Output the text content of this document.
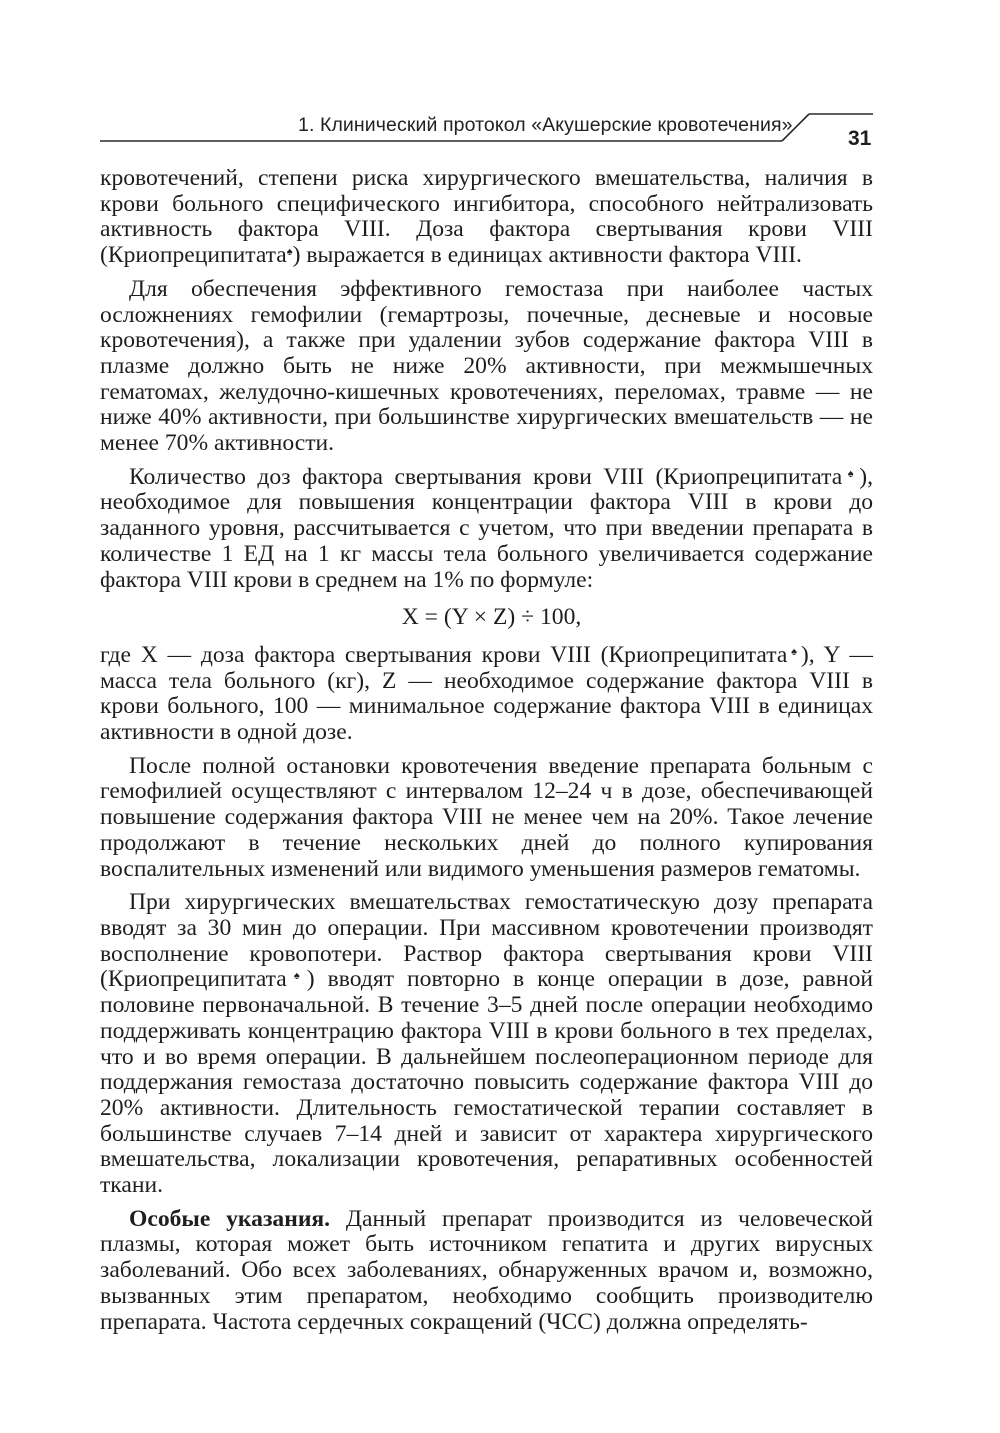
1. Клинический протокол «Акушерские кровотечения»
31

кровотечений, степени риска хирургического вмешательства, наличия в крови больного специфического ингибитора, способного нейтрализовать активность фактора VIII. Доза фактора свертывания крови VIII (Криопреципитата♠) выражается в единицах активности фактора VIII.

Для обеспечения эффективного гемостаза при наиболее частых осложнениях гемофилии (гемартрозы, почечные, десневые и носовые кровотечения), а также при удалении зубов содержание фактора VIII в плазме должно быть не ниже 20% активности, при межмышечных гематомах, желудочно-кишечных кровотечениях, переломах, травме — не ниже 40% активности, при большинстве хирургических вмешательств — не менее 70% активности.

Количество доз фактора свертывания крови VIII (Криопреципитата♠), необходимое для повышения концентрации фактора VIII в крови до заданного уровня, рассчитывается с учетом, что при введении препарата в количестве 1 ЕД на 1 кг массы тела больного увеличивается содержание фактора VIII крови в среднем на 1% по формуле:

X = (Y × Z) ÷ 100,

где X — доза фактора свертывания крови VIII (Криопреципитата♠), Y — масса тела больного (кг), Z — необходимое содержание фактора VIII в крови больного, 100 — минимальное содержание фактора VIII в единицах активности в одной дозе.

После полной остановки кровотечения введение препарата больным с гемофилией осуществляют с интервалом 12–24 ч в дозе, обеспечивающей повышение содержания фактора VIII не менее чем на 20%. Такое лечение продолжают в течение нескольких дней до полного купирования воспалительных изменений или видимого уменьшения размеров гематомы.

При хирургических вмешательствах гемостатическую дозу препарата вводят за 30 мин до операции. При массивном кровотечении производят восполнение кровопотери. Раствор фактора свертывания крови VIII (Криопреципитата♠) вводят повторно в конце операции в дозе, равной половине первоначальной. В течение 3–5 дней после операции необходимо поддерживать концентрацию фактора VIII в крови больного в тех пределах, что и во время операции. В дальнейшем послеоперационном периоде для поддержания гемостаза достаточно повысить содержание фактора VIII до 20% активности. Длительность гемостатической терапии составляет в большинстве случаев 7–14 дней и зависит от характера хирургического вмешательства, локализации кровотечения, репаративных особенностей ткани.

Особые указания. Данный препарат производится из человеческой плазмы, которая может быть источником гепатита и других вирусных заболеваний. Обо всех заболеваниях, обнаруженных врачом и, возможно, вызванных этим препаратом, необходимо сообщить производителю препарата. Частота сердечных сокращений (ЧСС) должна определять-
